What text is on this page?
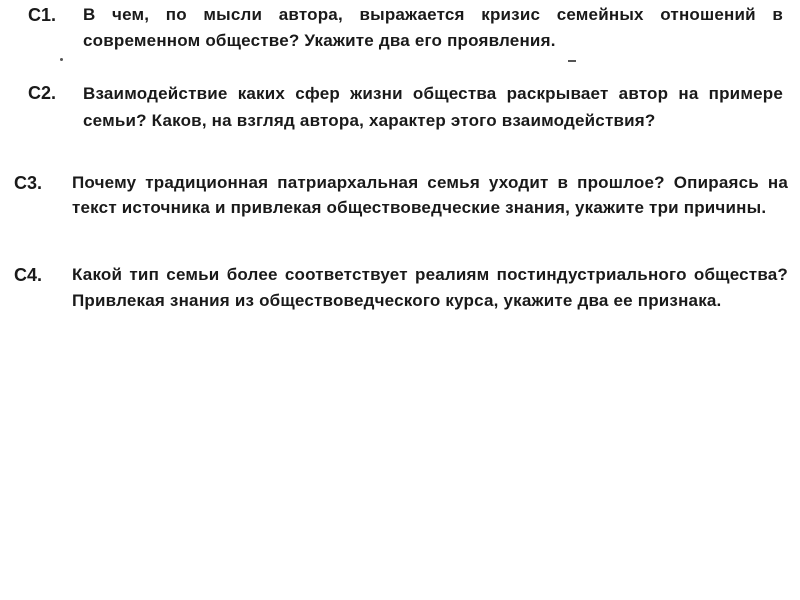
С1.	В чем, по мысли автора, выражается кризис семейных отношений в современном обществе? Укажите два его проявления.
С2.	Взаимодействие каких сфер жизни общества раскрывает автор на примере семьи? Каков, на взгляд автора, характер этого взаимодействия?
С3.	Почему традиционная патриархальная семья уходит в прошлое? Опираясь на текст источника и привлекая обществоведческие знания, укажите три причины.
С4.	Какой тип семьи более соответствует реалиям постиндустриального общества? Привлекая знания из обществоведческого курса, укажите два ее признака.
